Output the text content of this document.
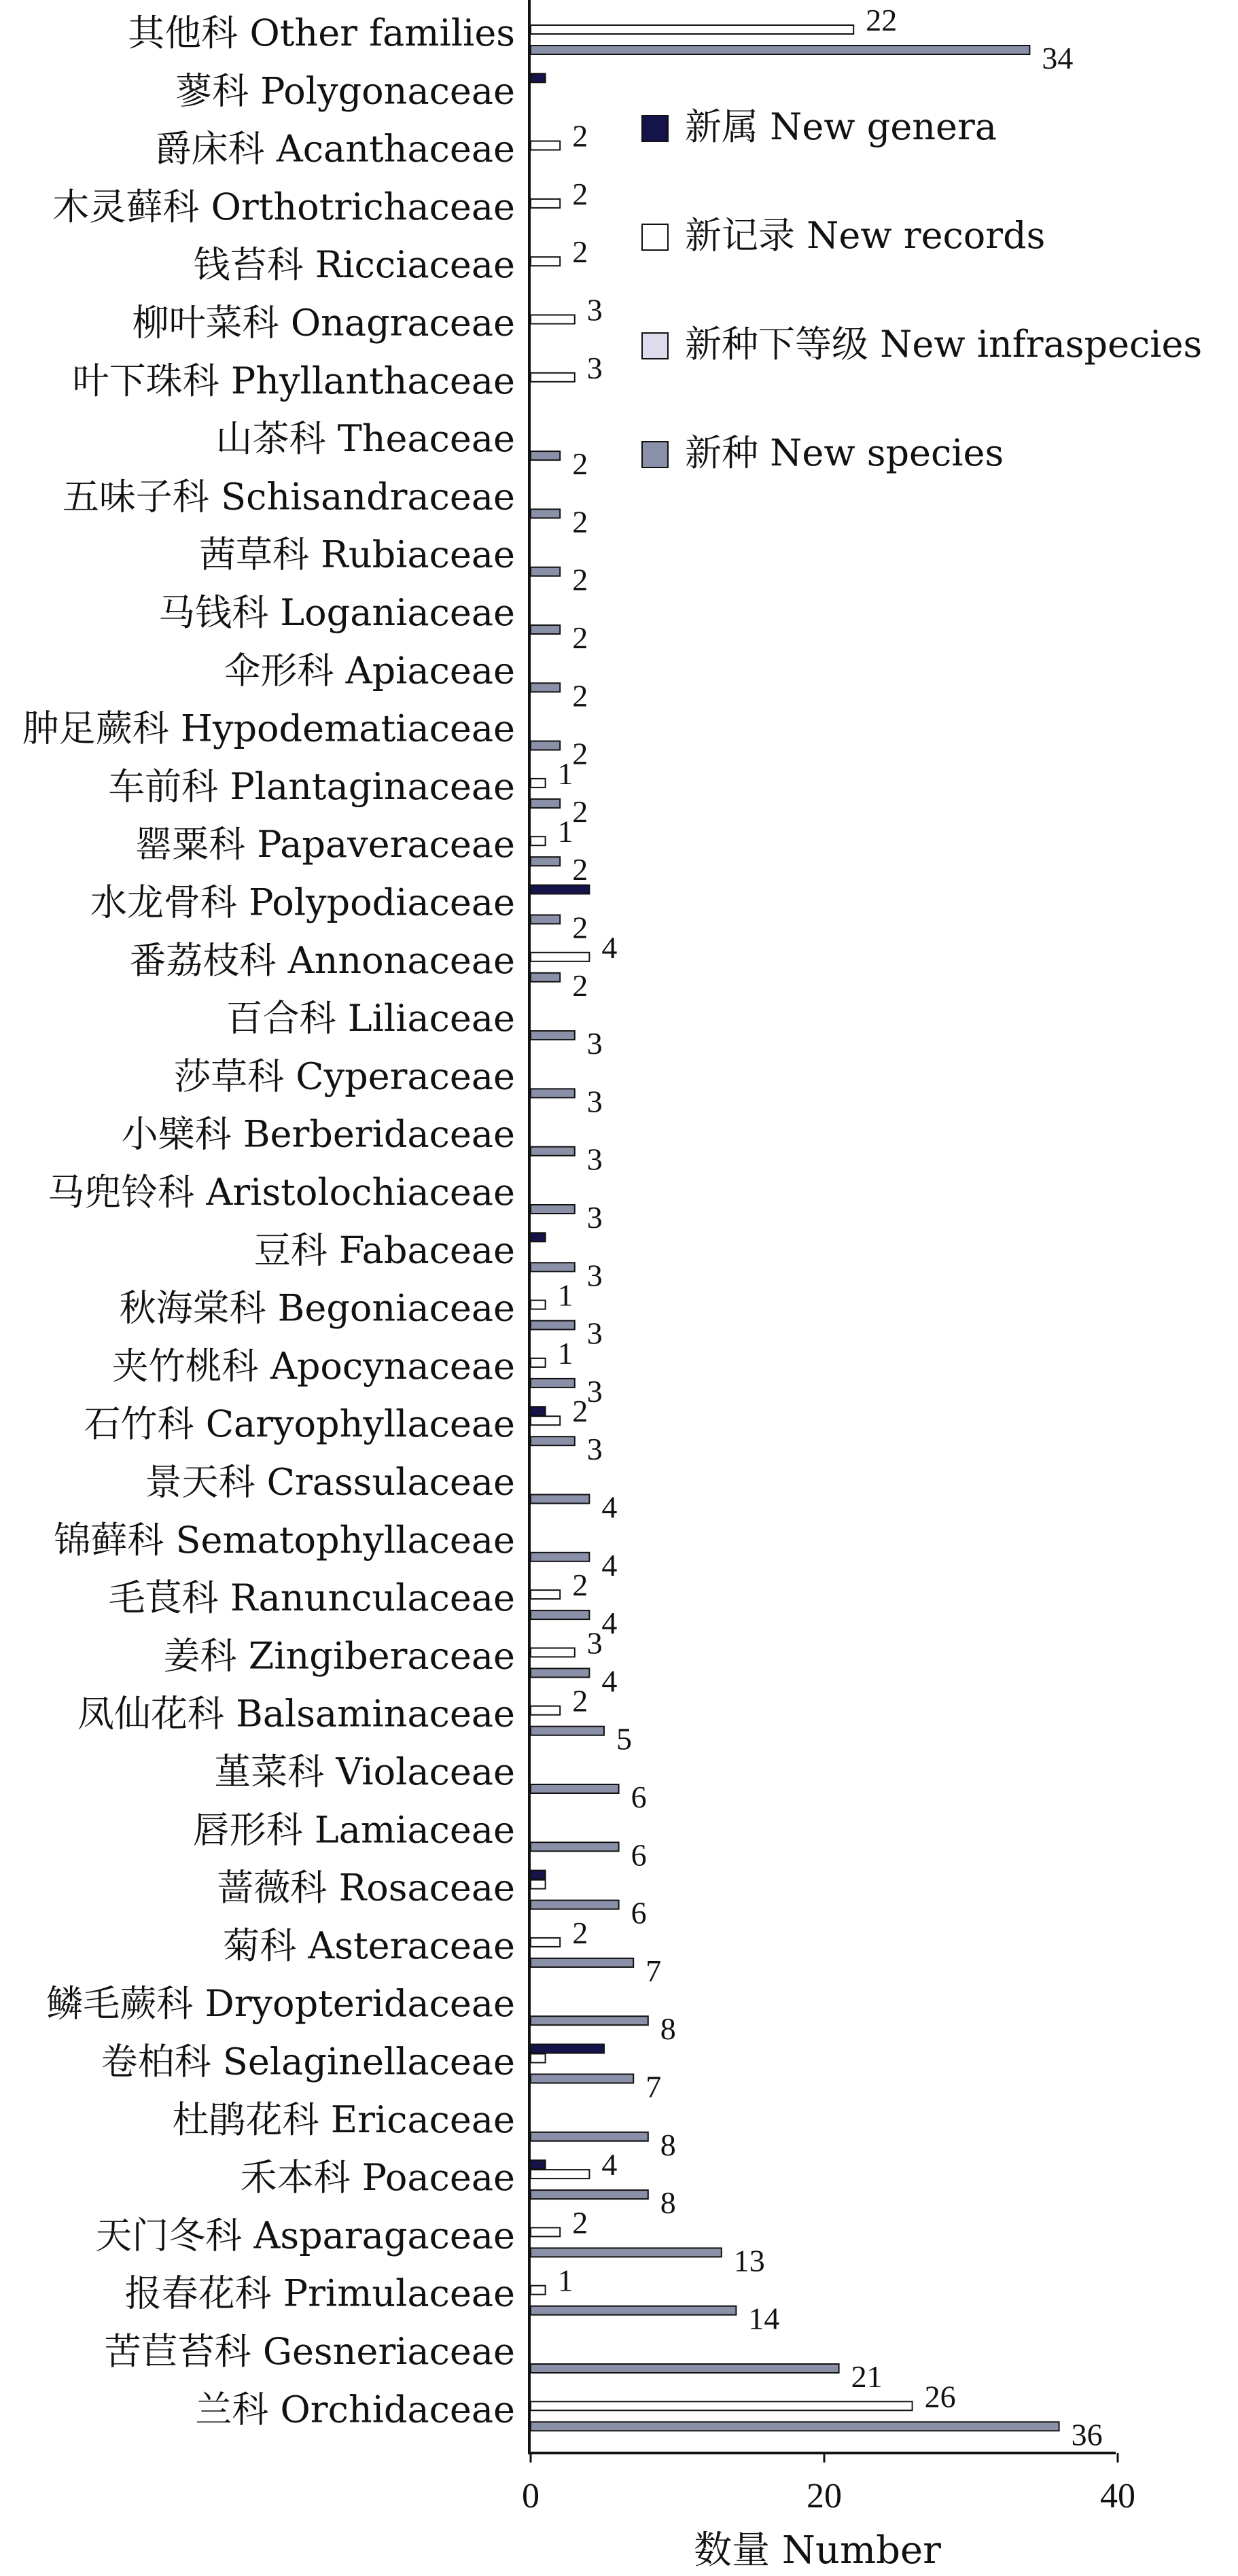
其他科 Other families
蓼科 Polygonaceae
爵床科 Acanthaceae
木灵藓科 Orthotrichaceae
钱苔科 Ricciaceae
柳叶菜科 Onagraceae
叶下珠科 Phyllanthaceae
山茶科 Theaceae
五味子科 Schisandraceae
茜草科 Rubiaceae
马钱科 Loganiaceae
伞形科 Apiaceae
肿足蕨科 Hypodematiaceae
车前科 Plantaginaceae
罂粟科 Papaveraceae
水龙骨科 Polypodiaceae
番荔枝科 Annonaceae
百合科 Liliaceae
莎草科 Cyperaceae
小檗科 Berberidaceae
马兜铃科 Aristolochiaceae
豆科 Fabaceae
秋海棠科 Begoniaceae
夹竹桃科 Apocynaceae
石竹科 Caryophyllaceae
景天科 Crassulaceae
锦藓科 Sematophyllaceae
毛茛科 Ranunculaceae
姜科 Zingiberaceae
凤仙花科 Balsaminaceae
堇菜科 Violaceae
唇形科 Lamiaceae
蔷薇科 Rosaceae
菊科 Asteraceae
鳞毛蕨科 Dryopteridaceae
卷柏科 Selaginellaceae
杜鹃花科 Ericaceae
禾本科 Poaceae
天门冬科 Asparagaceae
报春花科 Primulaceae
苦苣苔科 Gesneriaceae
兰科 Orchidaceae
22
34
2
2
2
3
3
2
2
2
2
2
2
1
2
1
2
2
4
2
3
3
3
3
3
1
3
1
3
2
3
4
4
2
4
3
4
2
5
6
6
6
2
7
8
7
8
4
8
2
13
1
14
21
26
36
0	20	40
数量 Number
新属 New genera
新记录 New records
新种下等级 New infraspecies
新种 New species
